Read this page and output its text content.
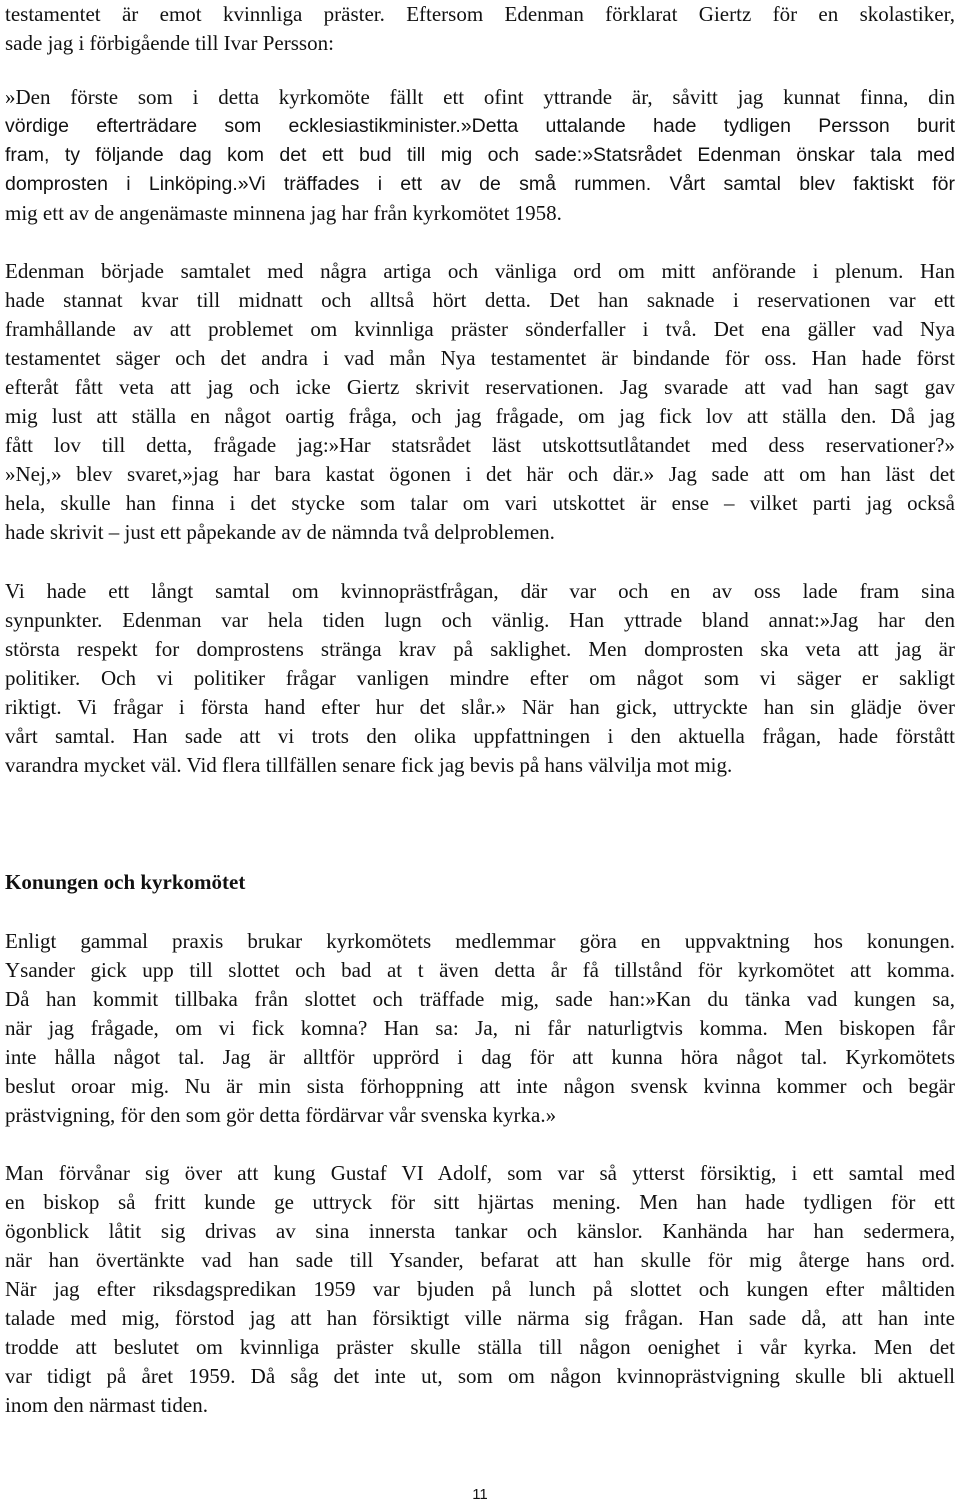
testamentet är emot kvinnliga präster. Eftersom Edenman förklarat Giertz för en skolastiker,
sade jag i förbigående till Ivar Persson:
»Den förste som i detta kyrkomöte fällt ett ofint yttrande är, såvitt jag kunnat finna, din
vördige efterträdare som ecklesiastikminister.»Detta uttalande hade tydligen Persson burit
fram, ty följande dag kom det ett bud till mig och sade:»Statsrådet Edenman önskar tala med
domprosten i Linköping.»Vi träffades i ett av de små rummen. Vårt samtal blev faktiskt för
mig ett av de angenämaste minnena jag har från kyrkomötet 1958.
Edenman började samtalet med några artiga och vänliga ord om mitt anförande i plenum. Han
hade stannat kvar till midnatt och alltså hört detta. Det han saknade i reservationen var ett
framhållande av att problemet om kvinnliga präster sönderfaller i två. Det ena gäller vad Nya
testamentet säger och det andra i vad mån Nya testamentet är bindande för oss. Han hade först
efteråt fått veta att jag och icke Giertz skrivit reservationen. Jag svarade att vad han sagt gav
mig lust att ställa en något oartig fråga, och jag frågade, om jag fick lov att ställa den. Då jag
fått lov till detta, frågade jag:»Har statsrådet läst utskottsutlåtandet med dess reservationer?»
»Nej,» blev svaret,»jag har bara kastat ögonen i det här och där.» Jag sade att om han läst det
hela, skulle han finna i det stycke som talar om vari utskottet är ense – vilket parti jag också
hade skrivit – just ett påpekande av de nämnda två delproblemen.
Vi hade ett långt samtal om kvinnoprästfrågan, där var och en av oss lade fram sina
synpunkter. Edenman var hela tiden lugn och vänlig. Han yttrade bland annat:»Jag har den
största respekt for domprostens stränga krav på saklighet. Men domprosten ska veta att jag är
politiker. Och vi politiker frågar vanligen mindre efter om något som vi säger er sakligt
riktigt. Vi frågar i första hand efter hur det slår.» När han gick, uttryckte han sin glädje över
vårt samtal. Han sade att vi trots den olika uppfattningen i den aktuella frågan, hade förstått
varandra mycket väl. Vid flera tillfällen senare fick jag bevis på hans välvilja mot mig.
Konungen och kyrkomötet
Enligt gammal praxis brukar kyrkomötets medlemmar göra en uppvaktning hos konungen.
Ysander gick upp till slottet och bad at t även detta år få tillstånd för kyrkomötet att komma.
Då han kommit tillbaka från slottet och träffade mig, sade han:»Kan du tänka vad kungen sa,
när jag frågade, om vi fick komna? Han sa: Ja, ni får naturligtvis komma. Men biskopen får
inte hålla något tal. Jag är alltför upprörd i dag för att kunna höra något tal. Kyrkomötets
beslut oroar mig. Nu är min sista förhoppning att inte någon svensk kvinna kommer och begär
prästvigning, för den som gör detta fördärvar vår svenska kyrka.»
Man förvånar sig över att kung Gustaf VI Adolf, som var så ytterst försiktig, i ett samtal med
en biskop så fritt kunde ge uttryck för sitt hjärtas mening. Men han hade tydligen för ett
ögonblick låtit sig drivas av sina innersta tankar och känslor. Kanhända har han sedermera,
när han övertänkte vad han sade till Ysander, befarat att han skulle för mig återge hans ord.
När jag efter riksdagspredikan 1959 var bjuden på lunch på slottet och kungen efter måltiden
talade med mig, förstod jag att han försiktigt ville närma sig frågan. Han sade då, att han inte
trodde att beslutet om kvinnliga präster skulle ställa till någon oenighet i vår kyrka. Men det
var tidigt på året 1959. Då såg det inte ut, som om någon kvinnoprästvigning skulle bli aktuell
inom den närmast tiden.
11
